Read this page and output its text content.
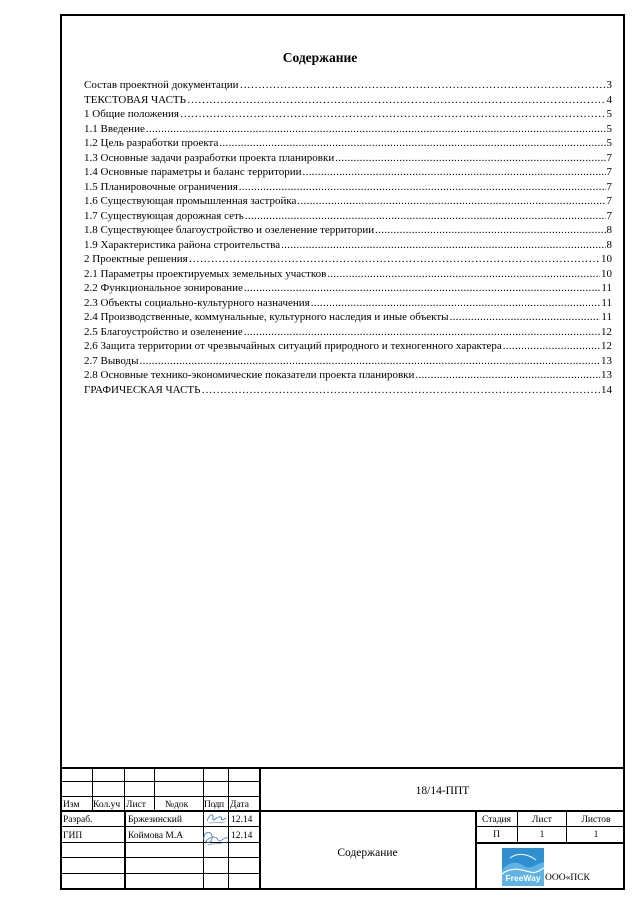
Содержание
Состав проектной документации ……………………………………………………………………………………………………………………………………………………………………	3
ТЕКСТОВАЯ ЧАСТЬ ……………………………………………………………………………………………………………………………………………………………………	4
1 Общие положения ……………………………………………………………………………………………………………………………………………………………………	5
1.1 Введение .....	5
1.2 Цель разработки проекта .....	5
1.3 Основные задачи разработки проекта планировки .....	7
1.4 Основные параметры и баланс территории .....	7
1.5 Планировочные ограничения .....	7
1.6 Существующая промышленная застройка .....	7
1.7 Существующая дорожная сеть .....	7
1.8 Существующее благоустройство и озеленение территории .....	8
1.9 Характеристика района строительства .....	8
2 Проектные решения ……………………………………………………………………………………………………………………………………………………………………	10
2.1 Параметры проектируемых земельных участков .....	10
2.2 Функциональное зонирование .....	11
2.3 Объекты социально-культурного назначения .....	11
2.4 Производственные, коммунальные, культурного наследия и иные объекты .....	11
2.5 Благоустройство и озеленение .....	12
2.6 Защита территории от чрезвычайных ситуаций природного и техногенного характера .....	12
2.7 Выводы .....	13
2.8 Основные технико-экономические показатели проекта планировки .....	13
ГРАФИЧЕСКАЯ ЧАСТЬ ……………………………………………………………………………………………………………………………………………………………………	14
18/14-ППТ
Изм Кол.уч Лист №док Подп Дата
Разраб.	Бржезинский	12.14
ГИП	Коймова М.А	12.14
Содержание
Стадия	Лист	Листов
П	1	1
FreeWay ООО«ПСК
